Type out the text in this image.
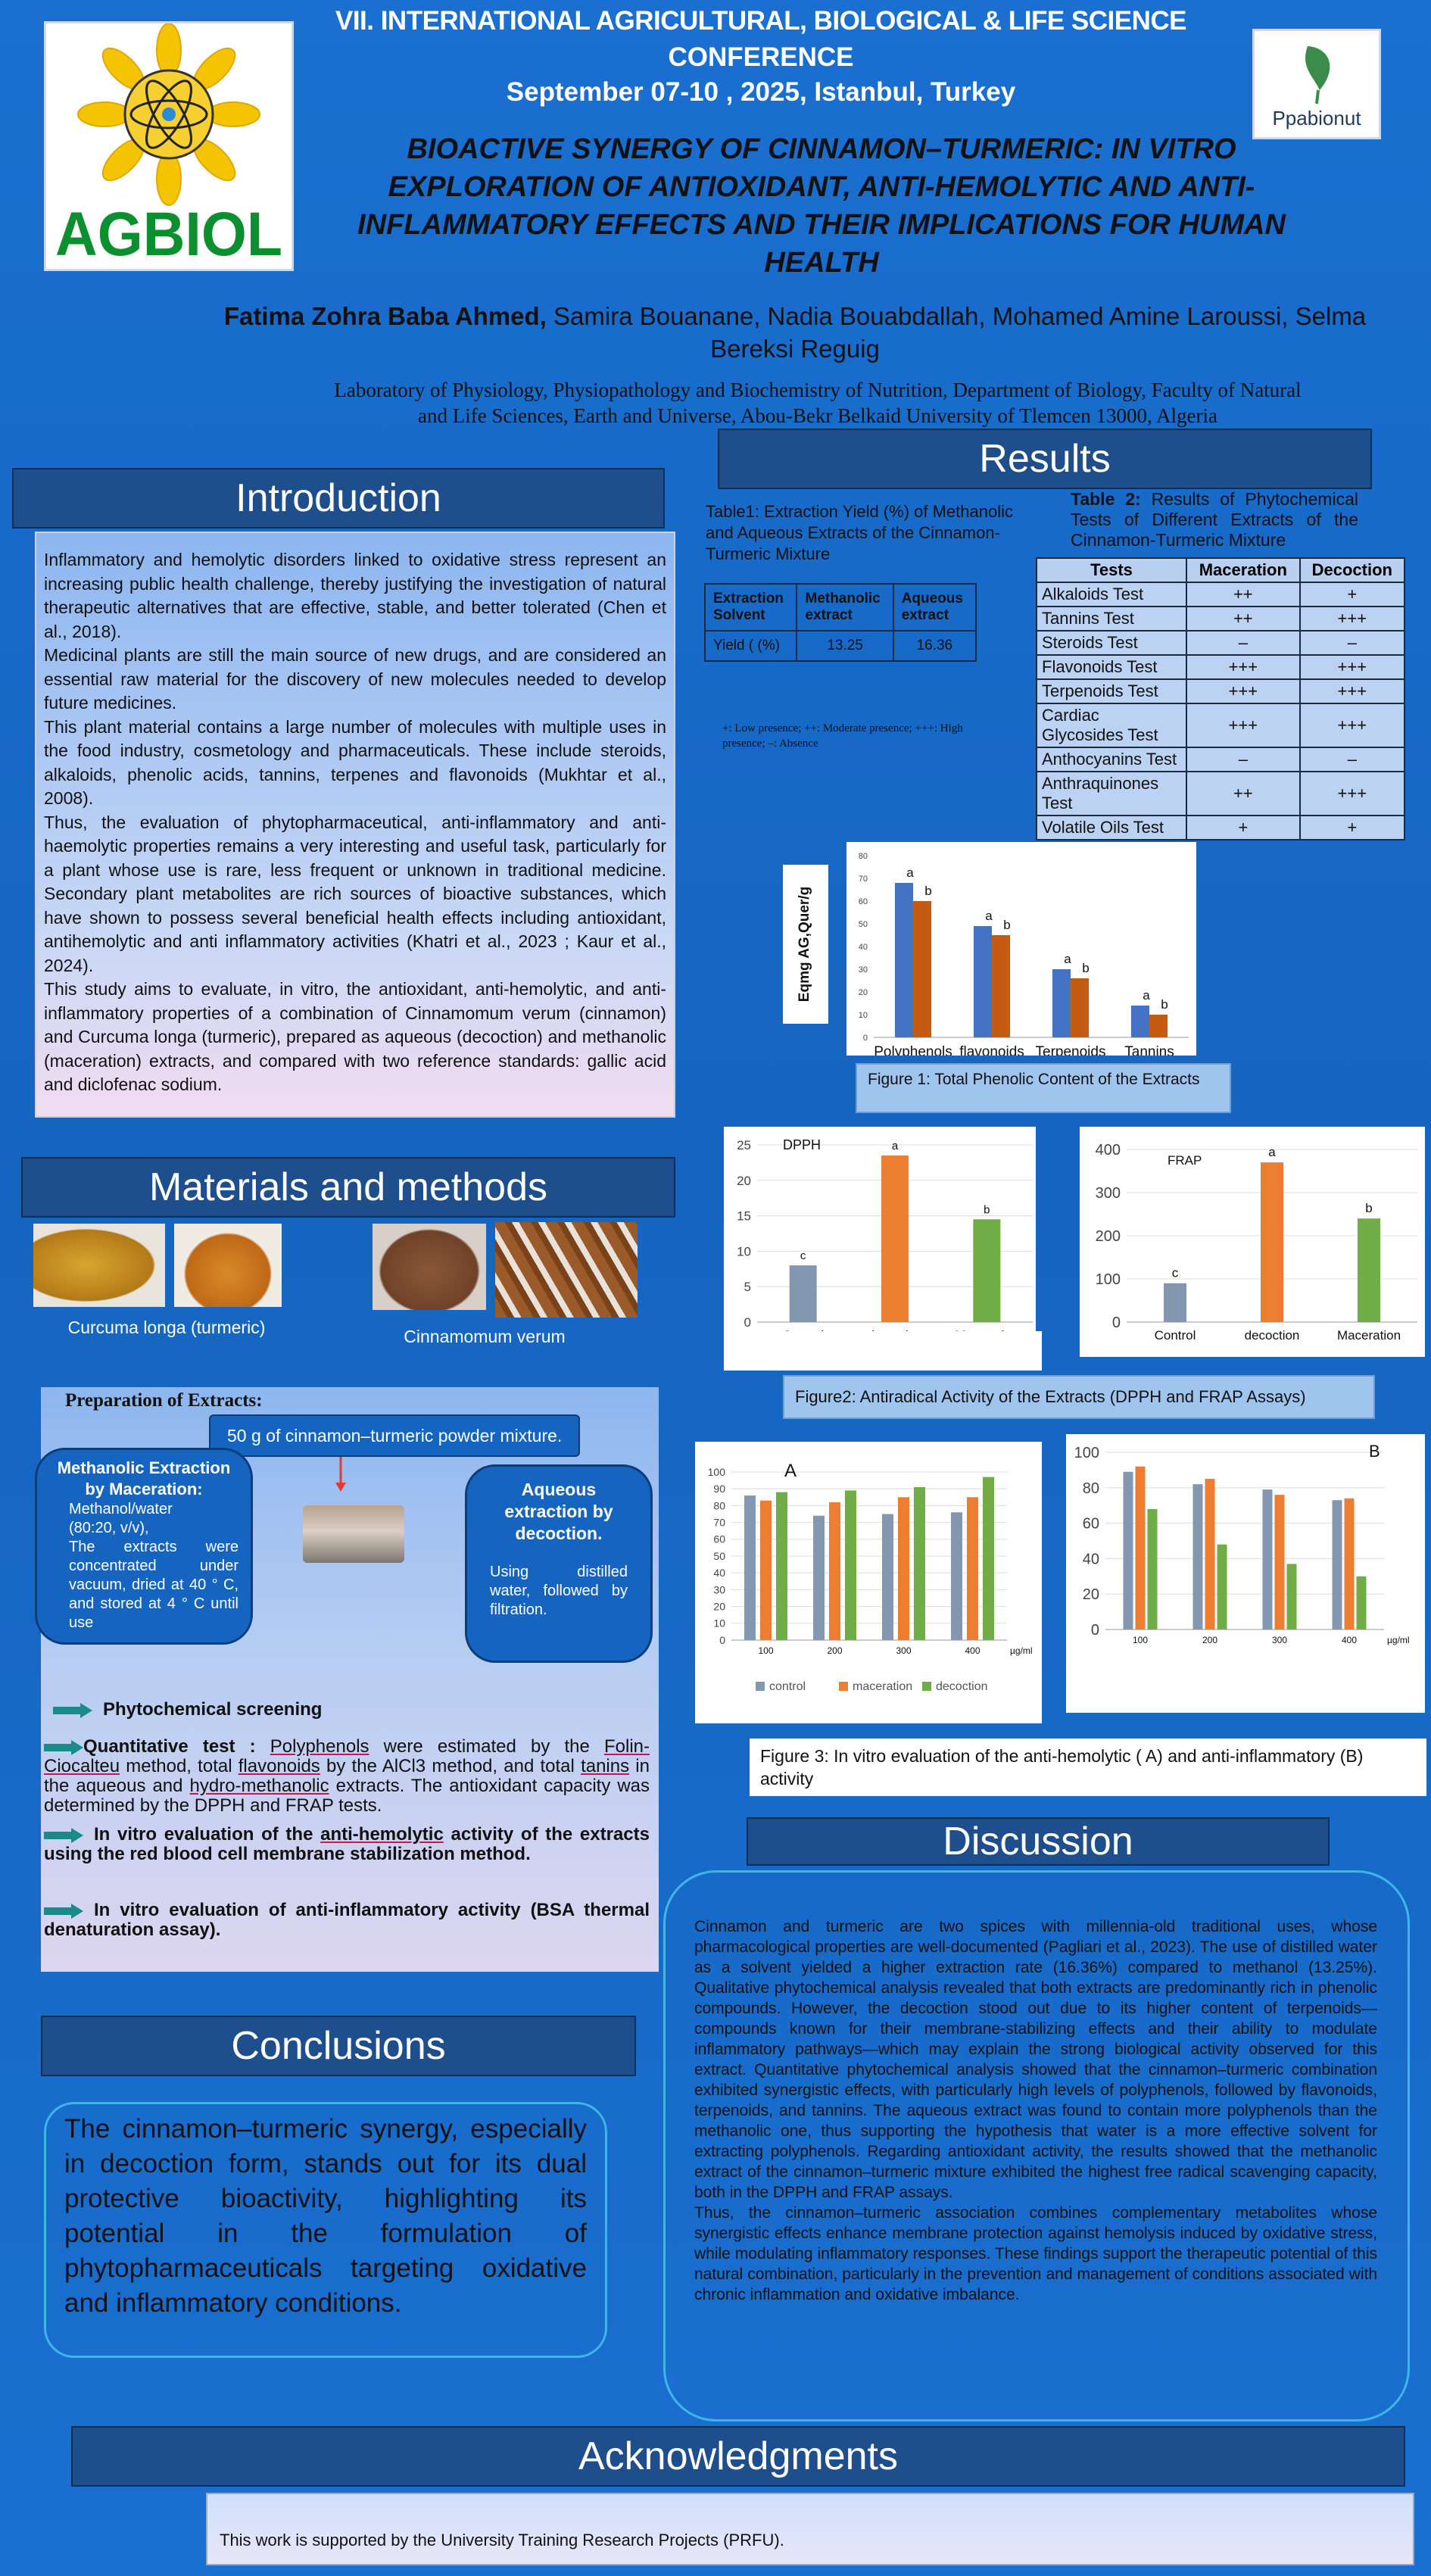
AGBIOL
Ppabionut
VII. INTERNATIONAL AGRICULTURAL, BIOLOGICAL & LIFE SCIENCE
CONFERENCE
September 07-10 , 2025, Istanbul, Turkey
BIOACTIVE SYNERGY OF CINNAMON–TURMERIC: IN VITRO EXPLORATION OF ANTIOXIDANT, ANTI-HEMOLYTIC AND ANTI-INFLAMMATORY EFFECTS AND THEIR IMPLICATIONS FOR HUMAN HEALTH
Fatima Zohra Baba Ahmed, Samira Bouanane, Nadia Bouabdallah, Mohamed Amine Laroussi, Selma Bereksi Reguig
Laboratory of Physiology, Physiopathology and Biochemistry of Nutrition, Department of Biology, Faculty of Natural and Life Sciences, Earth and Universe, Abou-Bekr Belkaid University of Tlemcen 13000, Algeria
Introduction

Inflammatory and hemolytic disorders linked to oxidative stress represent an increasing public health challenge, thereby justifying the investigation of natural therapeutic alternatives that are effective, stable, and better tolerated (Chen et al., 2018).

Medicinal plants are still the main source of new drugs, and are considered an essential raw material for the discovery of new molecules needed to develop future medicines.

This plant material contains a large number of molecules with multiple uses in the food industry, cosmetology and pharmaceuticals. These include steroids, alkaloids, phenolic acids, tannins, terpenes and flavonoids (Mukhtar et al., 2008).

Thus, the evaluation of phytopharmaceutical, anti-inflammatory and anti-haemolytic properties remains a very interesting and useful task, particularly for a plant whose use is rare, less frequent or unknown in traditional medicine. Secondary plant metabolites are rich sources of bioactive substances, which have shown to possess several beneficial health effects including antioxidant, antihemolytic and anti inflammatory activities (Khatri et al., 2023 ; Kaur et al., 2024).

This study aims to evaluate, in vitro, the antioxidant, anti-hemolytic, and anti-inflammatory properties of a combination of Cinnamomum verum (cinnamon) and Curcuma longa (turmeric), prepared as aqueous (decoction) and methanolic (maceration) extracts, and compared with two reference standards: gallic acid and diclofenac sodium.

Materials and methods
Curcuma longa (turmeric)	Cinnamomum verum
Preparation of Extracts:
50 g of cinnamon–turmeric powder mixture.
Methanolic Extraction by Maceration:
Methanol/water (80:20, v/v),
The extracts were concentrated under vacuum, dried at 40 ° C, and stored at 4 ° C until use
Aqueous extraction by decoction.
Using distilled water, followed by filtration.
Phytochemical screening
Quantitative test : Polyphenols were estimated by the Folin-Ciocalteu method, total flavonoids by the AlCl3 method, and total tanins in the aqueous and hydro-methanolic extracts. The antioxidant capacity was determined by the DPPH and FRAP tests.
In vitro evaluation of the anti-hemolytic activity of the extracts using the red blood cell membrane stabilization method.
In vitro evaluation of anti-inflammatory activity (BSA thermal denaturation assay).
Conclusions
The cinnamon–turmeric synergy, especially in decoction form, stands out for its dual protective bioactivity, highlighting its potential in the formulation of phytopharmaceuticals targeting oxidative and inflammatory conditions.
Results
Table1: Extraction Yield (%) of Methanolic and Aqueous Extracts of the Cinnamon-Turmeric Mixture
Extraction Solvent	Methanolic extract	Aqueous extract
Yield ( (%)	13.25	16.36
+: Low presence; ++: Moderate presence; +++: High presence; –: Absence
Table 2: Results of Phytochemical Tests of Different Extracts of the Cinnamon-Turmeric Mixture
Tests	Maceration	Decoction
Alkaloids Test	++	+
Tannins Test	++	+++
Steroids Test	–	–
Flavonoids Test	+++	+++
Terpenoids Test	+++	+++
Cardiac Glycosides Test	+++	+++
Anthocyanins Test	–	–
Anthraquinones Test	++	+++
Volatile Oils Test	+	+
Eqmg AG,Quer/g
0
10
20
30
40
50
60
70
80
a
b
Polyphenols
a
b
flavonoids
a
b
Terpenoids
a
b
Tannins
Figure 1: Total Phenolic Content of the Extracts
0
5
10
15
20
25
c
a
b
DPPH
0
100
200
300
400
c
Control
a
decoction
b
Maceration
FRAP
Figure2: Antiradical Activity of the Extracts (DPPH and FRAP Assays)
0
10
20
30
40
50
60
70
80
90
100
100	200	300	400
A
µg/ml
control	maceration decoction
0
20
40
60
80
100
100	200	300	400
B
µg/ml
Figure 3: In vitro evaluation of the anti-hemolytic ( A) and anti-inflammatory (B) activity
Discussion

Cinnamon and turmeric are two spices with millennia-old traditional uses, whose pharmacological properties are well-documented (Pagliari et al., 2023). The use of distilled water as a solvent yielded a higher extraction rate (16.36%) compared to methanol (13.25%). Qualitative phytochemical analysis revealed that both extracts are predominantly rich in phenolic compounds. However, the decoction stood out due to its higher content of terpenoids—compounds known for their membrane-stabilizing effects and their ability to modulate inflammatory pathways—which may explain the strong biological activity observed for this extract. Quantitative phytochemical analysis showed that the cinnamon–turmeric combination exhibited synergistic effects, with particularly high levels of polyphenols, followed by flavonoids, terpenoids, and tannins. The aqueous extract was found to contain more polyphenols than the methanolic one, thus supporting the hypothesis that water is a more effective solvent for extracting polyphenols. Regarding antioxidant activity, the results showed that the methanolic extract of the cinnamon–turmeric mixture exhibited the highest free radical scavenging capacity, both in the DPPH and FRAP assays.

Thus, the cinnamon–turmeric association combines complementary metabolites whose synergistic effects enhance membrane protection against hemolysis induced by oxidative stress, while modulating inflammatory responses. These findings support the therapeutic potential of this natural combination, particularly in the prevention and management of conditions associated with chronic inflammation and oxidative imbalance.

Acknowledgments
This work is supported by the University Training Research Projects (PRFU).
